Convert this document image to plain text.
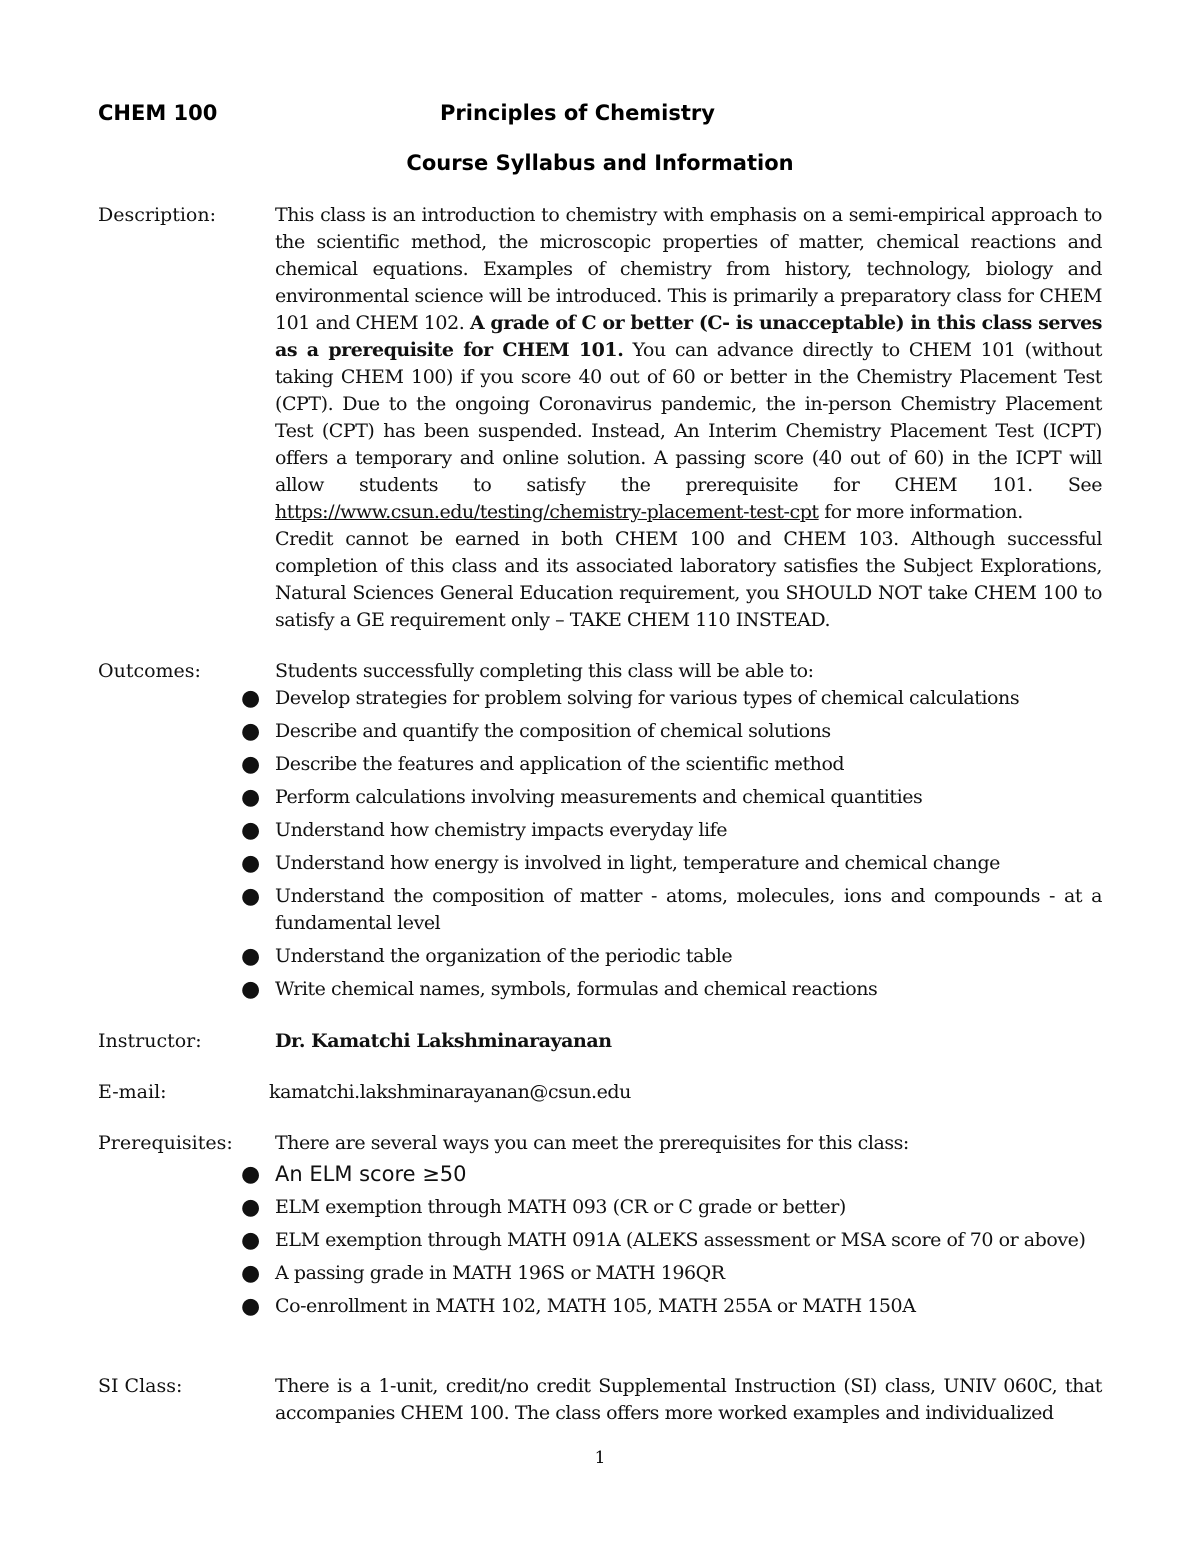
CHEM 100	Principles of Chemistry
Course Syllabus and Information
Description:	This class is an introduction to chemistry with emphasis on a semi-empirical approach to the scientific method, the microscopic properties of matter, chemical reactions and chemical equations. Examples of chemistry from history, technology, biology and environmental science will be introduced. This is primarily a preparatory class for CHEM 101 and CHEM 102. A grade of C or better (C- is unacceptable) in this class serves as a prerequisite for CHEM 101. You can advance directly to CHEM 101 (without taking CHEM 100) if you score 40 out of 60 or better in the Chemistry Placement Test (CPT). Due to the ongoing Coronavirus pandemic, the in-person Chemistry Placement Test (CPT) has been suspended. Instead, An Interim Chemistry Placement Test (ICPT) offers a temporary and online solution. A passing score (40 out of 60) in the ICPT will allow students to satisfy the prerequisite for CHEM 101. See https://www.csun.edu/testing/chemistry-placement-test-cpt for more information.

Credit cannot be earned in both CHEM 100 and CHEM 103. Although successful completion of this class and its associated laboratory satisfies the Subject Explorations, Natural Sciences General Education requirement, you SHOULD NOT take CHEM 100 to satisfy a GE requirement only – TAKE CHEM 110 INSTEAD.

Outcomes:	Students successfully completing this class will be able to:
● Develop strategies for problem solving for various types of chemical calculations
● Describe and quantify the composition of chemical solutions
● Describe the features and application of the scientific method
● Perform calculations involving measurements and chemical quantities
● Understand how chemistry impacts everyday life
● Understand how energy is involved in light, temperature and chemical change
● Understand the composition of matter - atoms, molecules, ions and compounds - at a fundamental level
● Understand the organization of the periodic table
● Write chemical names, symbols, formulas and chemical reactions
Instructor:	Dr. Kamatchi Lakshminarayanan
E-mail:	kamatchi.lakshminarayanan@csun.edu
Prerequisites: There are several ways you can meet the prerequisites for this class:
● An ELM score ≥50
● ELM exemption through MATH 093 (CR or C grade or better)
● ELM exemption through MATH 091A (ALEKS assessment or MSA score of 70 or above)
● A passing grade in MATH 196S or MATH 196QR
● Co-enrollment in MATH 102, MATH 105, MATH 255A or MATH 150A
SI Class:	There is a 1-unit, credit/no credit Supplemental Instruction (SI) class, UNIV 060C, that accompanies CHEM 100. The class offers more worked examples and individualized
1
